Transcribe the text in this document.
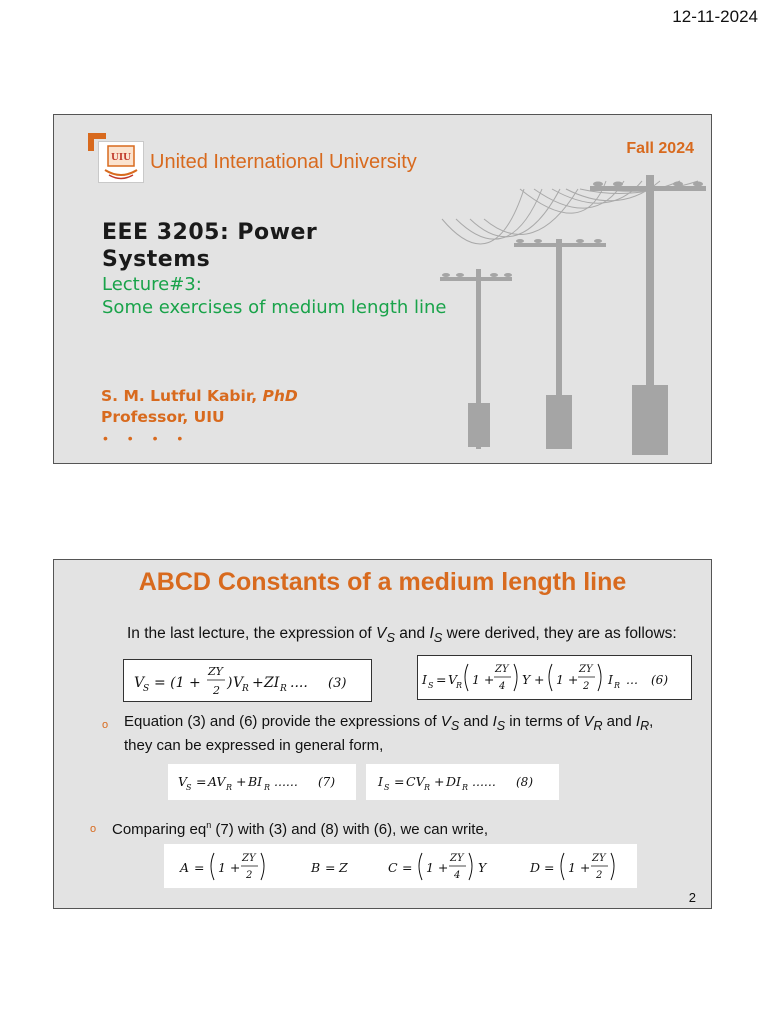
12-11-2024
UIU United International University
Fall 2024
EEE 3205: Power Systems
Lecture#3:
Some exercises of medium length line
S. M. Lutful Kabir, PhD
Professor, UIU
• • • •
ABCD Constants of a medium length line
In the last lecture, the expression of $V_S$ and $I_S$ were derived, they are as follows:
V
S = (1 +
ZY
2 ) V
R + ZI R .... (3)	I S = V
R 1 +
ZY
4 Y + 1 +
ZY
2 I R ... (6)
o Equation (3) and (6) provide the expressions of $V_S$ and $I_S$ in terms of $V_R$ and $I_R$,
they can be expressed in general form,
V
S = AV R + BI R ...... (7)	I S = CV R + DI R ...... (8)
o Comparing $eq^n$ (7) with (3) and (8) with (6), we can write,
A = 1 +
ZY
2
B = Z	C = 1 +
ZY
4
Y	D = 1 +
ZY
2
2
